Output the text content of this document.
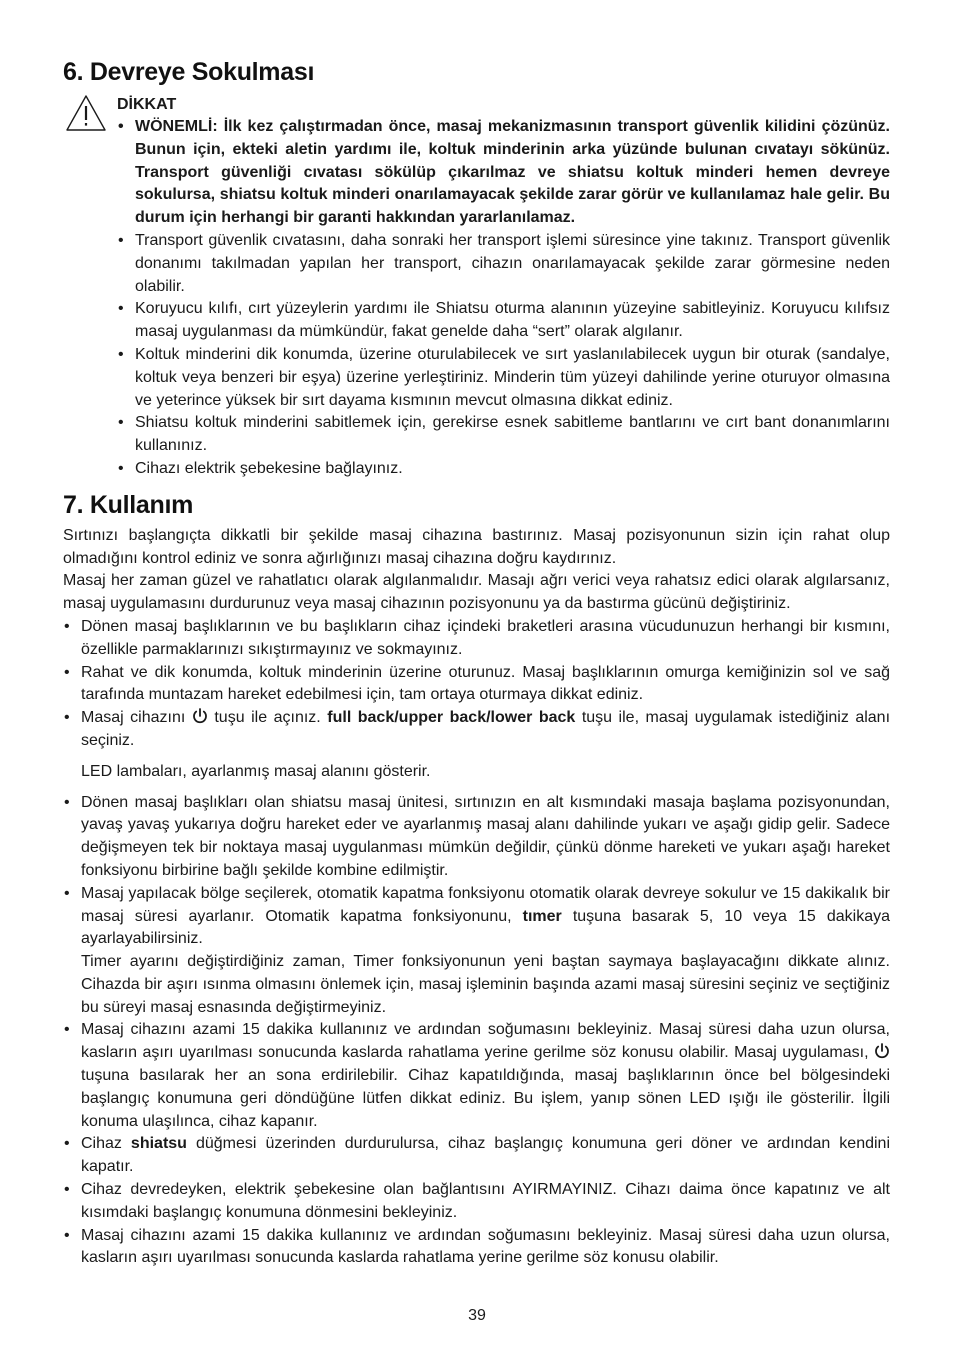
6. Devreye Sokulması

DİKKAT

• WÖNEMLİ: İlk kez çalıştırmadan önce, masaj mekanizmasının transport güvenlik kilidini çözünüz. Bunun için, ekteki aletin yardımı ile, koltuk minderinin arka yüzünde bulunan cıvatayı sökünüz. Transport güvenliği cıvatası sökülüp çıkarılmaz ve shiatsu koltuk minderi hemen devreye sokulursa, shiatsu koltuk minderi onarılamayacak şekilde zarar görür ve kullanılamaz hale gelir. Bu durum için herhangi bir garanti hakkından yararlanılamaz.
• Transport güvenlik cıvatasını, daha sonraki her transport işlemi süresince yine takınız. Transport güvenlik donanımı takılmadan yapılan her transport, cihazın onarılamayacak şekilde zarar görmesine neden olabilir.
• Koruyucu kılıfı, cırt yüzeylerin yardımı ile Shiatsu oturma alanının yüzeyine sabitleyiniz. Koruyucu kılıfsız masaj uygulanması da mümkündür, fakat genelde daha “sert” olarak algılanır.
• Koltuk minderini dik konumda, üzerine oturulabilecek ve sırt yaslanılabilecek uygun bir oturak (sandalye, koltuk veya benzeri bir eşya) üzerine yerleştiriniz. Minderin tüm yüzeyi dahilinde yerine oturuyor olmasına ve yeterince yüksek bir sırt dayama kısmının mevcut olmasına dikkat ediniz.
• Shiatsu koltuk minderini sabitlemek için, gerekirse esnek sabitleme bantlarını ve cırt bant donanımlarını kullanınız.
• Cihazı elektrik şebekesine bağlayınız.
7. Kullanım

Sırtınızı başlangıçta dikkatli bir şekilde masaj cihazına bastırınız. Masaj pozisyonunun sizin için rahat olup olmadığını kontrol ediniz ve sonra ağırlığınızı masaj cihazına doğru kaydırınız.

Masaj her zaman güzel ve rahatlatıcı olarak algılanmalıdır. Masajı ağrı verici veya rahatsız edici olarak algılarsanız, masaj uygulamasını durdurunuz veya masaj cihazının pozisyonunu ya da bastırma gücünü değiştiriniz.

• Dönen masaj başlıklarının ve bu başlıkların cihaz içindeki braketleri arasına vücudunuzun herhangi bir kısmını, özellikle parmaklarınızı sıkıştırmayınız ve sokmayınız.
• Rahat ve dik konumda, koltuk minderinin üzerine oturunuz. Masaj başlıklarının omurga kemiğinizin sol ve sağ tarafında muntazam hareket edebilmesi için, tam ortaya oturmaya dikkat ediniz.
• Masaj cihazını tuşu ile açınız. full back/upper back/lower back tuşu ile, masaj uygulamak istediğiniz alanı seçiniz.

LED lambaları, ayarlanmış masaj alanını gösterir.

• Dönen masaj başlıkları olan shiatsu masaj ünitesi, sırtınızın en alt kısmındaki masaja başlama pozisyonundan, yavaş yavaş yukarıya doğru hareket eder ve ayarlanmış masaj alanı dahilinde yukarı ve aşağı gidip gelir. Sadece değişmeyen tek bir noktaya masaj uygulanması mümkün değildir, çünkü dönme hareketi ve yukarı aşağı hareket fonksiyonu birbirine bağlı şekilde kombine edilmiştir.
• Masaj yapılacak bölge seçilerek, otomatik kapatma fonksiyonu otomatik olarak devreye sokulur ve 15 dakikalık bir masaj süresi ayarlanır. Otomatik kapatma fonksiyonunu, tımer tuşuna basarak 5, 10 veya 15 dakikaya ayarlayabilirsiniz.
Timer ayarını değiştirdiğiniz zaman, Timer fonksiyonunun yeni baştan saymaya başlayacağını dikkate alınız. Cihazda bir aşırı ısınma olmasını önlemek için, masaj işleminin başında azami masaj süresini seçiniz ve seçtiğiniz bu süreyi masaj esnasında değiştirmeyiniz.
• Masaj cihazını azami 15 dakika kullanınız ve ardından soğumasını bekleyiniz. Masaj süresi daha uzun olursa, kasların aşırı uyarılması sonucunda kaslarda rahatlama yerine gerilme söz konusu olabilir. Masaj uygulaması,  tuşuna basılarak her an sona erdirilebilir. Cihaz kapatıldığında, masaj başlıklarının önce bel bölgesindeki başlangıç konumuna geri döndüğüne lütfen dikkat ediniz. Bu işlem, yanıp sönen LED ışığı ile gösterilir. İlgili konuma ulaşılınca, cihaz kapanır.
• Cihaz shiatsu düğmesi üzerinden durdurulursa, cihaz başlangıç konumuna geri döner ve ardından kendini kapatır.
• Cihaz devredeyken, elektrik şebekesine olan bağlantısını AYIRMAYINIZ. Cihazı daima önce kapatınız ve alt kısımdaki başlangıç konumuna dönmesini bekleyiniz.
• Masaj cihazını azami 15 dakika kullanınız ve ardından soğumasını bekleyiniz. Masaj süresi daha uzun olursa, kasların aşırı uyarılması sonucunda kaslarda rahatlama yerine gerilme söz konusu olabilir.
39
